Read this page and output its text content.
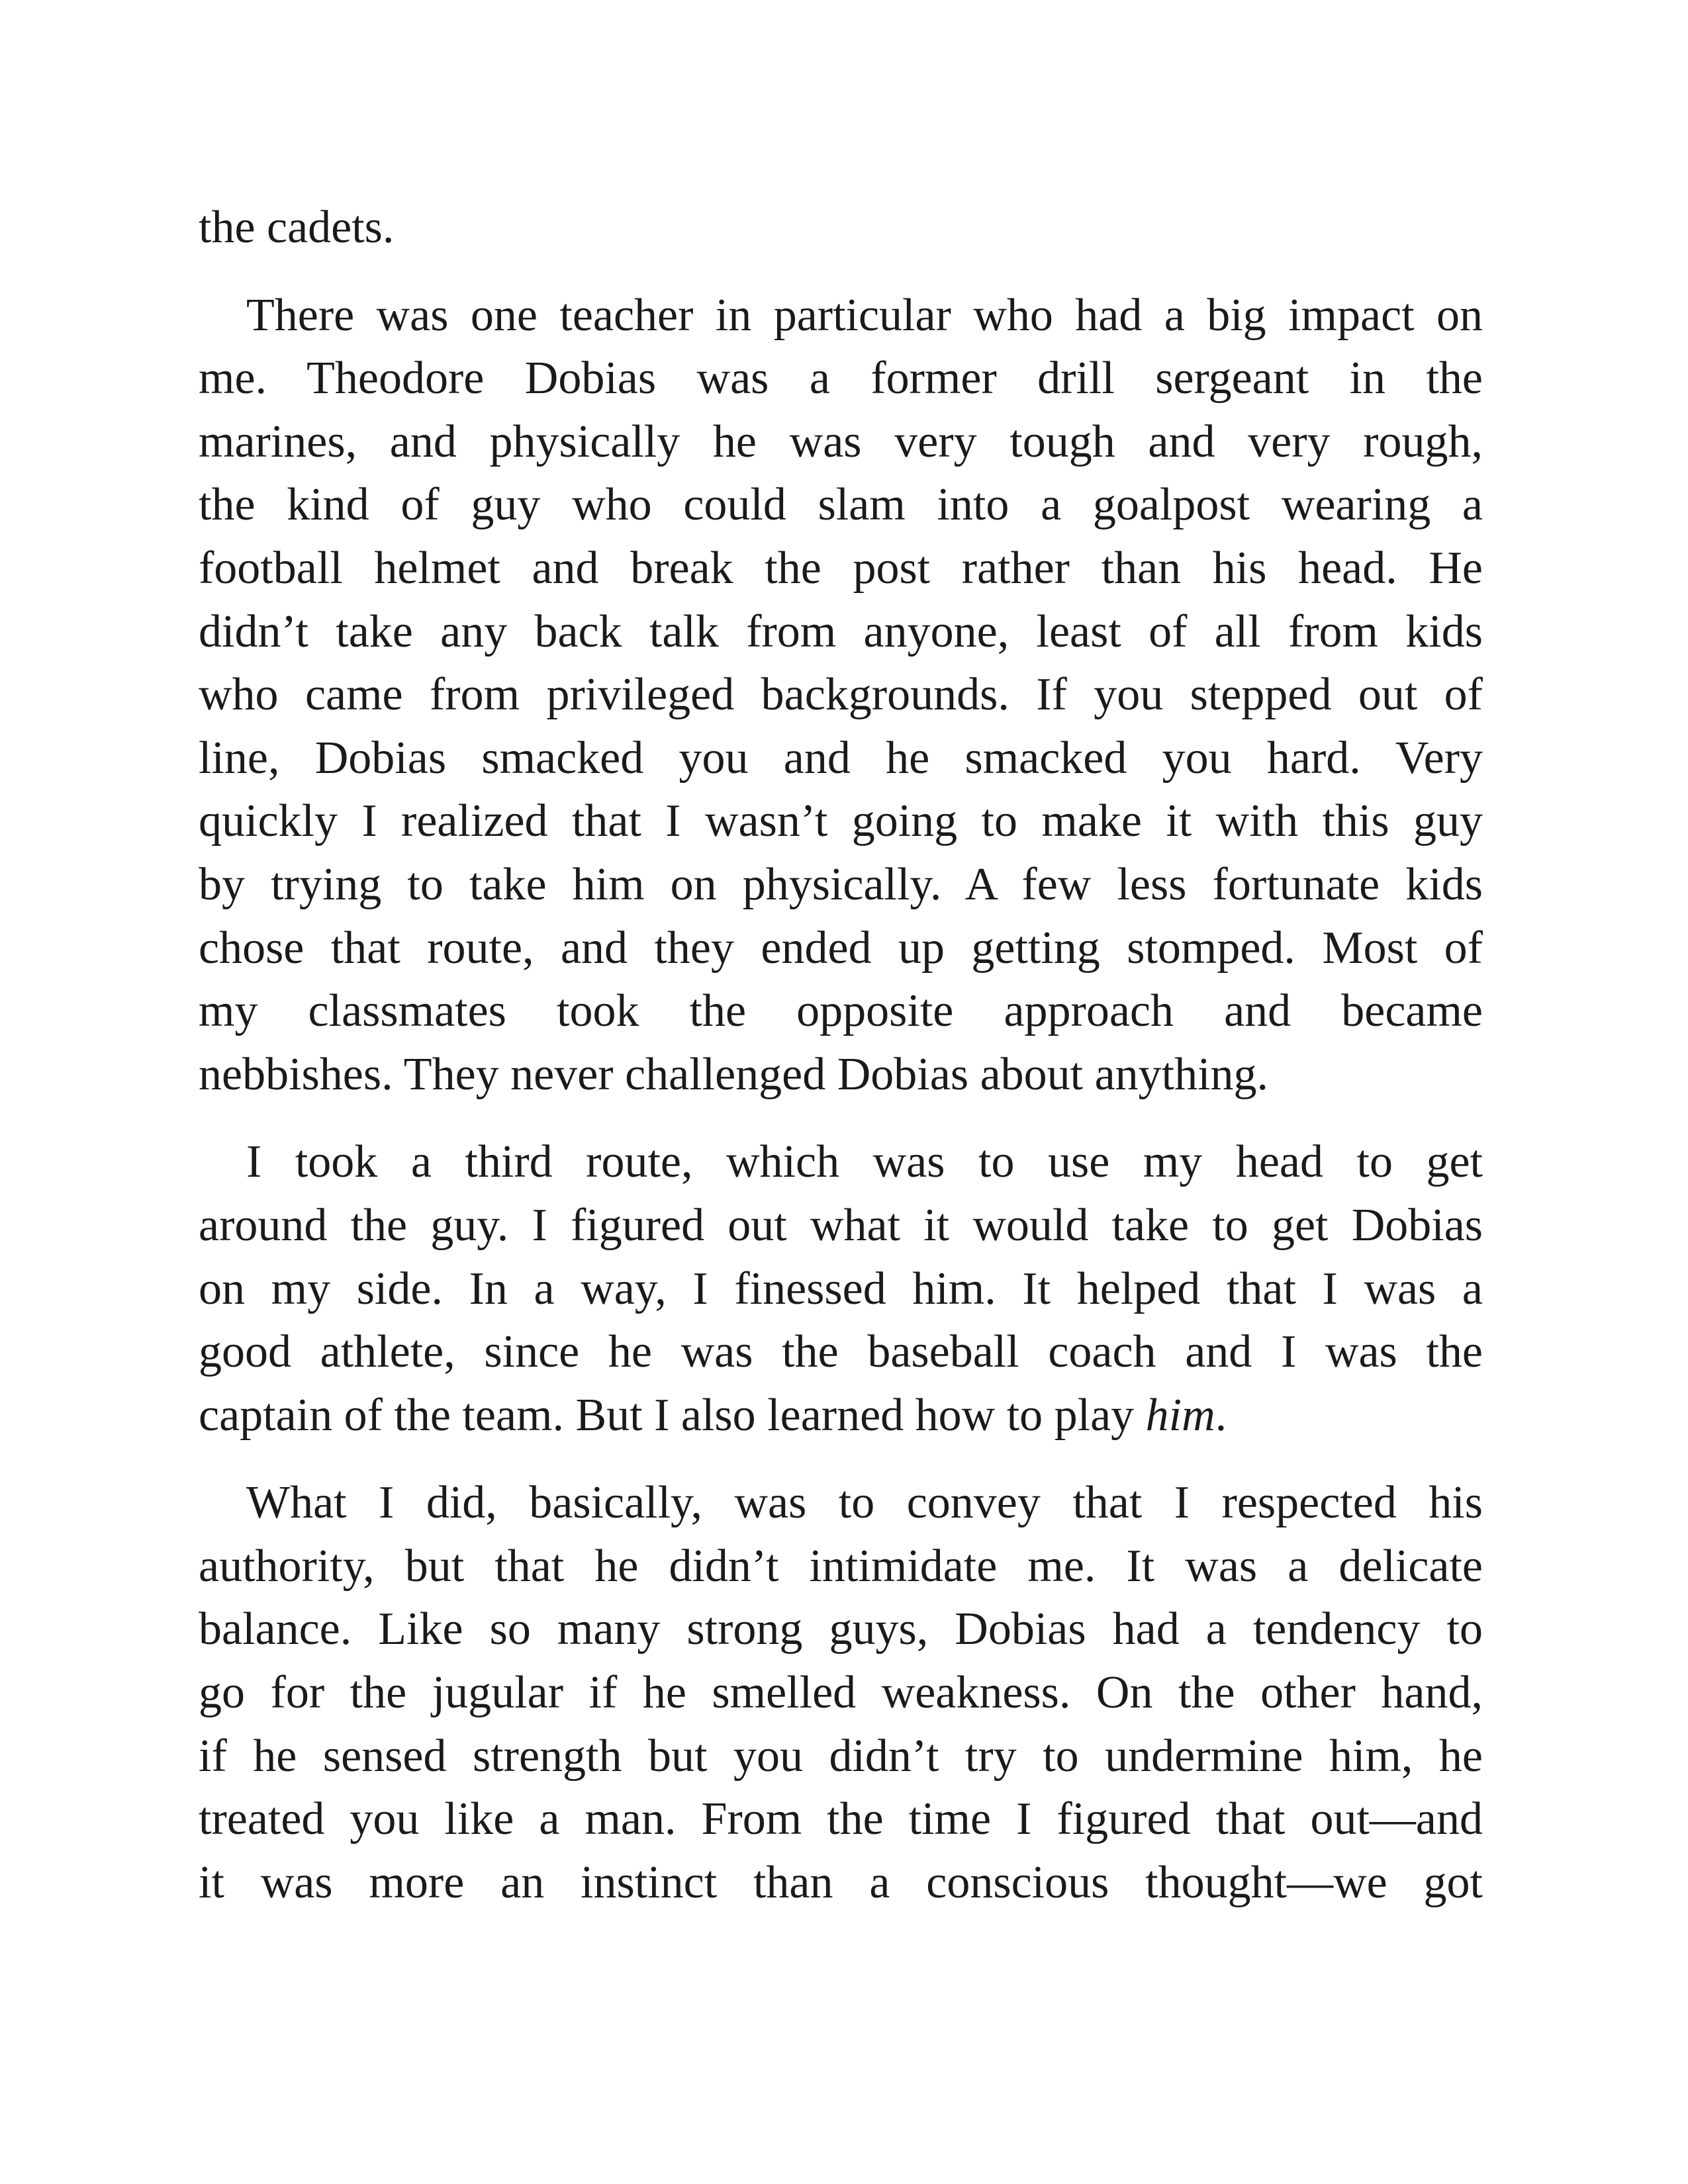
the cadets.

There was one teacher in particular who had a big impact on
me. Theodore Dobias was a former drill sergeant in the
marines, and physically he was very tough and very rough,
the kind of guy who could slam into a goalpost wearing a
football helmet and break the post rather than his head. He
didn’t take any back talk from anyone, least of all from kids
who came from privileged backgrounds. If you stepped out of
line, Dobias smacked you and he smacked you hard. Very
quickly I realized that I wasn’t going to make it with this guy
by trying to take him on physically. A few less fortunate kids
chose that route, and they ended up getting stomped. Most of
my classmates took the opposite approach and became
nebbishes. They never challenged Dobias about anything.

I took a third route, which was to use my head to get
around the guy. I figured out what it would take to get Dobias
on my side. In a way, I finessed him. It helped that I was a
good athlete, since he was the baseball coach and I was the
captain of the team. But I also learned how to play him.

What I did, basically, was to convey that I respected his
authority, but that he didn’t intimidate me. It was a delicate
balance. Like so many strong guys, Dobias had a tendency to
go for the jugular if he smelled weakness. On the other hand,
if he sensed strength but you didn’t try to undermine him, he
treated you like a man. From the time I figured that out—and
it was more an instinct than a conscious thought—we got
